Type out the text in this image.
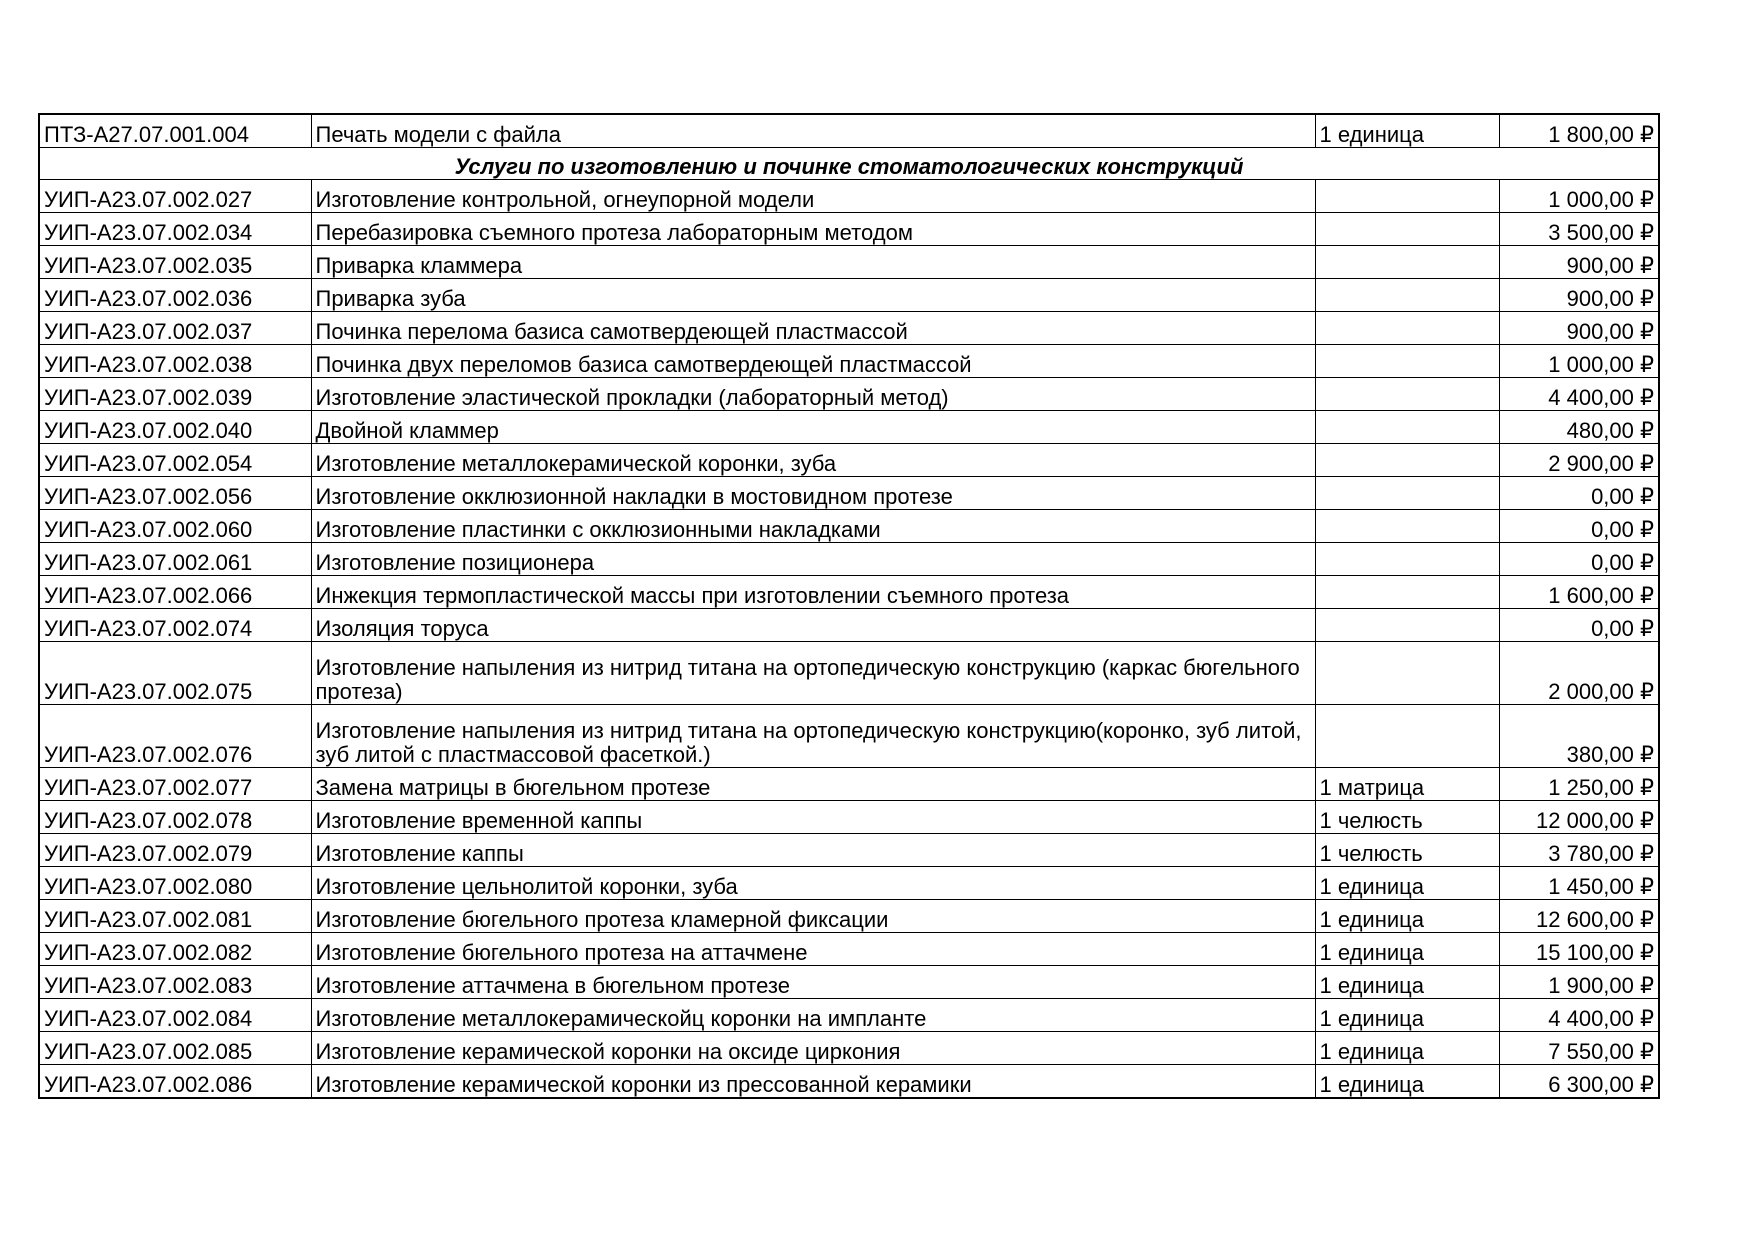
ПТЗ-А27.07.001.004	Печать модели с файла	1 единица	1 800,00 ₽
Услуги по изготовлению и починке стоматологических конструкций			
УИП-А23.07.002.027	Изготовление контрольной, огнеупорной модели		1 000,00 ₽
УИП-А23.07.002.034	Перебазировка съемного протеза лабораторным методом		3 500,00 ₽
УИП-А23.07.002.035	Приварка кламмера		900,00 ₽
УИП-А23.07.002.036	Приварка зуба		900,00 ₽
УИП-А23.07.002.037	Починка перелома базиса самотвердеющей пластмассой		900,00 ₽
УИП-А23.07.002.038	Починка двух переломов базиса самотвердеющей пластмассой		1 000,00 ₽
УИП-А23.07.002.039	Изготовление эластической прокладки (лабораторный метод)		4 400,00 ₽
УИП-А23.07.002.040	Двойной кламмер		480,00 ₽
УИП-А23.07.002.054	Изготовление металлокерамической коронки, зуба		2 900,00 ₽
УИП-А23.07.002.056	Изготовление окклюзионной накладки в мостовидном протезе		0,00 ₽
УИП-А23.07.002.060	Изготовление пластинки с окклюзионными накладками		0,00 ₽
УИП-А23.07.002.061	Изготовление позиционера		0,00 ₽
УИП-А23.07.002.066	Инжекция термопластической массы при изготовлении съемного протеза		1 600,00 ₽
УИП-А23.07.002.074	Изоляция торуса		0,00 ₽
УИП-А23.07.002.075	Изготовление напыления из нитрид титана на ортопедическую конструкцию (каркас бюгельного протеза)		2 000,00 ₽
УИП-А23.07.002.076	Изготовление напыления из нитрид титана на ортопедическую конструкцию(коронко, зуб литой, зуб литой с пластмассовой фасеткой.)		380,00 ₽
УИП-А23.07.002.077	Замена матрицы в бюгельном протезе	1 матрица	1 250,00 ₽
УИП-А23.07.002.078	Изготовление временной каппы	1 челюсть	12 000,00 ₽
УИП-А23.07.002.079	Изготовление каппы	1 челюсть	3 780,00 ₽
УИП-А23.07.002.080	Изготовление цельнолитой коронки, зуба	1 единица	1 450,00 ₽
УИП-А23.07.002.081	Изготовление бюгельного протеза кламерной фиксации	1 единица	12 600,00 ₽
УИП-А23.07.002.082	Изготовление бюгельного протеза на аттачмене	1 единица	15 100,00 ₽
УИП-А23.07.002.083	Изготовление аттачмена в бюгельном протезе	1 единица	1 900,00 ₽
УИП-А23.07.002.084	Изготовление металлокерамическойц коронки на импланте	1 единица	4 400,00 ₽
УИП-А23.07.002.085	Изготовление керамической коронки на оксиде циркония	1 единица	7 550,00 ₽
УИП-А23.07.002.086	Изготовление керамической коронки из прессованной керамики	1 единица	6 300,00 ₽
